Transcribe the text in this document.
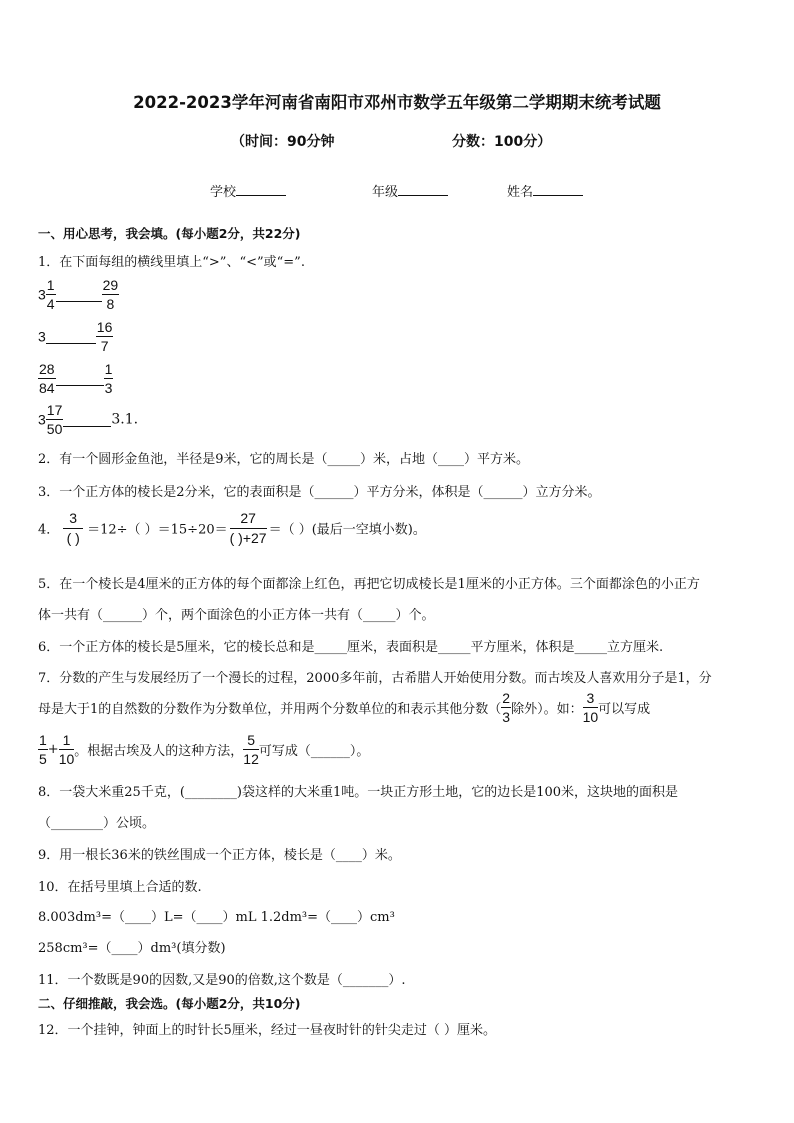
2022-2023学年河南省南阳市邓州市数学五年级第二学期期末统考试题
（时间：90分钟	分数：100分）
学校	年级	姓名
一、用心思考，我会填。(每小题2分，共22分)
1．在下面每组的横线里填上“>”、“<”或“=”.
$3 \frac{1}{4}$	$\frac{29}{8}$
3	$\frac{16}{7}$
$\frac{28}{84}$	$\frac{1}{3}$
$3 \frac{17}{50}$	3.1.
2．有一个圆形金鱼池，半径是9米，它的周长是（_____）米，占地（____）平方米。
3．一个正方体的棱长是2分米，它的表面积是（______）平方分米，体积是（______）立方分米。
4． $\frac{3}{( )} =12\div$（ ）$=15\div 20= \frac{27}{( )+27}$ ＝（ ）(最后一空填小数)。
5．在一个棱长是4厘米的正方体的每个面都涂上红色，再把它切成棱长是1厘米的小正方体。三个面都涂色的小正方
体一共有（______）个，两个面涂色的小正方体一共有（_____）个。
6．一个正方体的棱长是5厘米，它的棱长总和是_____厘米，表面积是_____平方厘米，体积是_____立方厘米.
7．分数的产生与发展经历了一个漫长的过程，2000多年前，古希腊人开始使用分数。而古埃及人喜欢用分子是1，分
母是大于1的自然数的分数作为分数单位，并用两个分数单位的和表示其他分数（ $\frac{2}{3}$ 除外）。如： $\frac{3}{10}$ 可以写成
$\frac{1}{5} + \frac{1}{10}$ 。根据古埃及人的这种方法， $\frac{5}{12}$ 可写成（______）。
8．一袋大米重25千克，(________)袋这样的大米重1吨。一块正方形土地，它的边长是100米，这块地的面积是
（________）公顷。
9．用一根长36米的铁丝围成一个正方体，棱长是（____）米。
10．在括号里填上合适的数.
8.003dm³=（____）L=（____）mL 1.2dm³=（____）cm³
258cm³=（____）dm³(填分数)
11．一个数既是90的因数,又是90的倍数,这个数是（_______）.
二、仔细推敲，我会选。(每小题2分，共10分)
12．一个挂钟，钟面上的时针长5厘米，经过一昼夜时针的针尖走过（ ）厘米。
